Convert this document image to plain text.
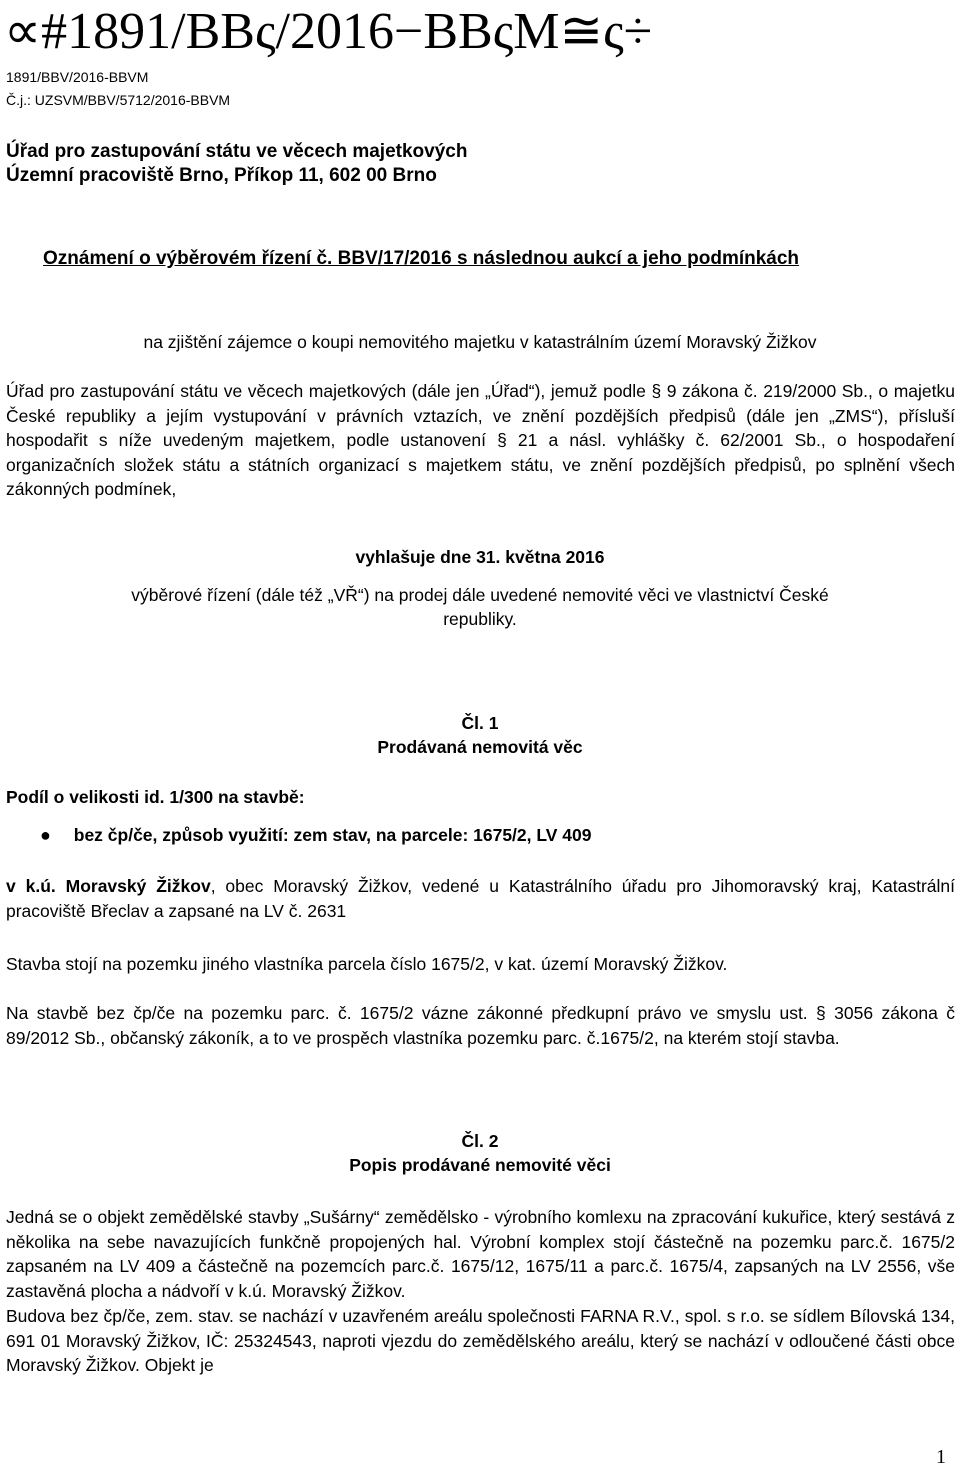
∝#1891/BBς/2016−BBςM≅ς÷
1891/BBV/2016-BBVM
Č.j.: UZSVM/BBV/5712/2016-BBVM
Úřad pro zastupování státu ve věcech majetkových
Územní pracoviště Brno, Příkop 11, 602 00 Brno
Oznámení o výběrovém řízení č. BBV/17/2016 s následnou aukcí a jeho podmínkách
na zjištění zájemce o koupi nemovitého majetku v katastrálním území Moravský Žižkov
Úřad pro zastupování státu ve věcech majetkových (dále jen „Úřad“), jemuž podle § 9 zákona č. 219/2000 Sb., o majetku České republiky a jejím vystupování v právních vztazích, ve znění pozdějších předpisů (dále jen „ZMS“), přísluší hospodařit s níže uvedeným majetkem, podle ustanovení § 21 a násl. vyhlášky č. 62/2001 Sb., o hospodaření organizačních složek státu a státních organizací s majetkem státu, ve znění pozdějších předpisů, po splnění všech zákonných podmínek,
vyhlašuje dne 31. května 2016
výběrové řízení (dále též „VŘ“) na prodej dále uvedené nemovité věci ve vlastnictví České
republiky.
Čl. 1
Prodávaná nemovitá věc
Podíl o velikosti id. 1/300 na stavbě:
● bez čp/če, způsob využití: zem stav, na parcele: 1675/2, LV 409
v k.ú. Moravský Žižkov, obec Moravský Žižkov, vedené u Katastrálního úřadu pro Jihomoravský kraj, Katastrální pracoviště Břeclav a zapsané na LV č. 2631
Stavba stojí na pozemku jiného vlastníka parcela číslo 1675/2, v kat. území Moravský Žižkov.
Na stavbě bez čp/če na pozemku parc. č. 1675/2 vázne zákonné předkupní právo ve smyslu ust. § 3056 zákona č 89/2012 Sb., občanský zákoník, a to ve prospěch vlastníka pozemku parc. č.1675/2, na kterém stojí stavba.
Čl. 2
Popis prodávané nemovité věci
Jedná se o objekt zemědělské stavby „Sušárny“ zemědělsko - výrobního komlexu na zpracování kukuřice, který sestává z několika na sebe navazujících funkčně propojených hal. Výrobní komplex stojí částečně na pozemku parc.č. 1675/2 zapsaném na LV 409 a částečně na pozemcích parc.č. 1675/12, 1675/11 a parc.č. 1675/4, zapsaných na LV 2556, vše zastavěná plocha a nádvoří v k.ú. Moravský Žižkov.
Budova bez čp/če, zem. stav. se nachází v uzavřeném areálu společnosti FARNA R.V., spol. s r.o. se sídlem Bílovská 134, 691 01 Moravský Žižkov, IČ: 25324543, naproti vjezdu do zemědělského areálu, který se nachází v odloučené části obce Moravský Žižkov. Objekt je
1
